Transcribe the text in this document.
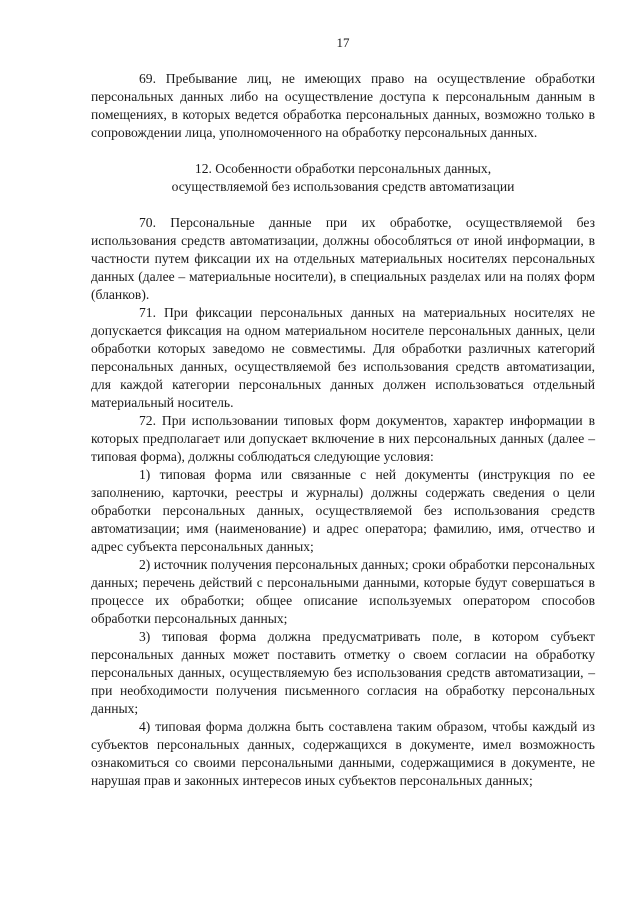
17

69. Пребывание лиц, не имеющих право на осуществление обработки персональных данных либо на осуществление доступа к персональным данным в помещениях, в которых ведется обработка персональных данных, возможно только в сопровождении лица, уполномоченного на обработку персональных данных.

12. Особенности обработки персональных данных,
осуществляемой без использования средств автоматизации

70. Персональные данные при их обработке, осуществляемой без использования средств автоматизации, должны обособляться от иной информации, в частности путем фиксации их на отдельных материальных носителях персональных данных (далее – материальные носители), в специальных разделах или на полях форм (бланков).

71. При фиксации персональных данных на материальных носителях не допускается фиксация на одном материальном носителе персональных данных, цели обработки которых заведомо не совместимы. Для обработки различных категорий персональных данных, осуществляемой без использования средств автоматизации, для каждой категории персональных данных должен использоваться отдельный материальный носитель.

72. При использовании типовых форм документов, характер информации в которых предполагает или допускает включение в них персональных данных (далее – типовая форма), должны соблюдаться следующие условия:

1) типовая форма или связанные с ней документы (инструкция по ее заполнению, карточки, реестры и журналы) должны содержать сведения о цели обработки персональных данных, осуществляемой без использования средств автоматизации; имя (наименование) и адрес оператора; фамилию, имя, отчество и адрес субъекта персональных данных;

2) источник получения персональных данных; сроки обработки персональных данных; перечень действий с персональными данными, которые будут совершаться в процессе их обработки; общее описание используемых оператором способов обработки персональных данных;

3) типовая форма должна предусматривать поле, в котором субъект персональных данных может поставить отметку о своем согласии на обработку персональных данных, осуществляемую без использования средств автоматизации, – при необходимости получения письменного согласия на обработку персональных данных;

4) типовая форма должна быть составлена таким образом, чтобы каждый из субъектов персональных данных, содержащихся в документе, имел возможность ознакомиться со своими персональными данными, содержащимися в документе, не нарушая прав и законных интересов иных субъектов персональных данных;
